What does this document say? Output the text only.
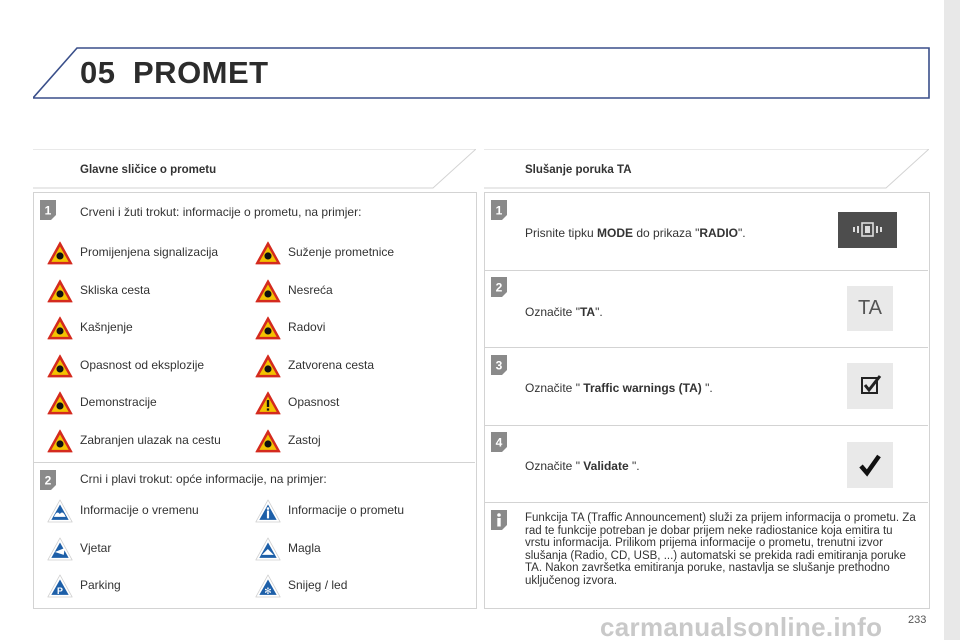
05 PROMET
Glavne sličice o prometu
1 Crveni i žuti trokut: informacije o prometu, na primjer:
Promijenjena signalizacija	Suženje prometnice
Skliska cesta	Nesreća
Kašnjenje	Radovi
Opasnost od eksplozije	Zatvorena cesta
Demonstracije	Opasnost
Zabranjen ulazak na cestu	Zastoj
2 Crni i plavi trokut: opće informacije, na primjer:
Informacije o vremenu	Informacije o prometu
Vjetar	Magla
P Parking	✻ Snijeg / led
Slušanje poruka TA
1
Prisnite tipku MODE do prikaza "RADIO".
2
Označite "TA".	TA
3
Označite " Traffic warnings (TA) ".
4
Označite " Validate ".
Funkcija TA (Traffic Announcement) služi za prijem informacija o prometu. Za rad te funkcije potreban je dobar prijem neke radiostanice koja emitira tu vrstu informacija. Prilikom prijema informacije o prometu, trenutni izvor slušanja (Radio, CD, USB, ...) automatski se prekida radi emitiranja poruke TA. Nakon završetka emitiranja poruke, nastavlja se slušanje prethodno uključenog izvora.
carmanualsonline.info 233
